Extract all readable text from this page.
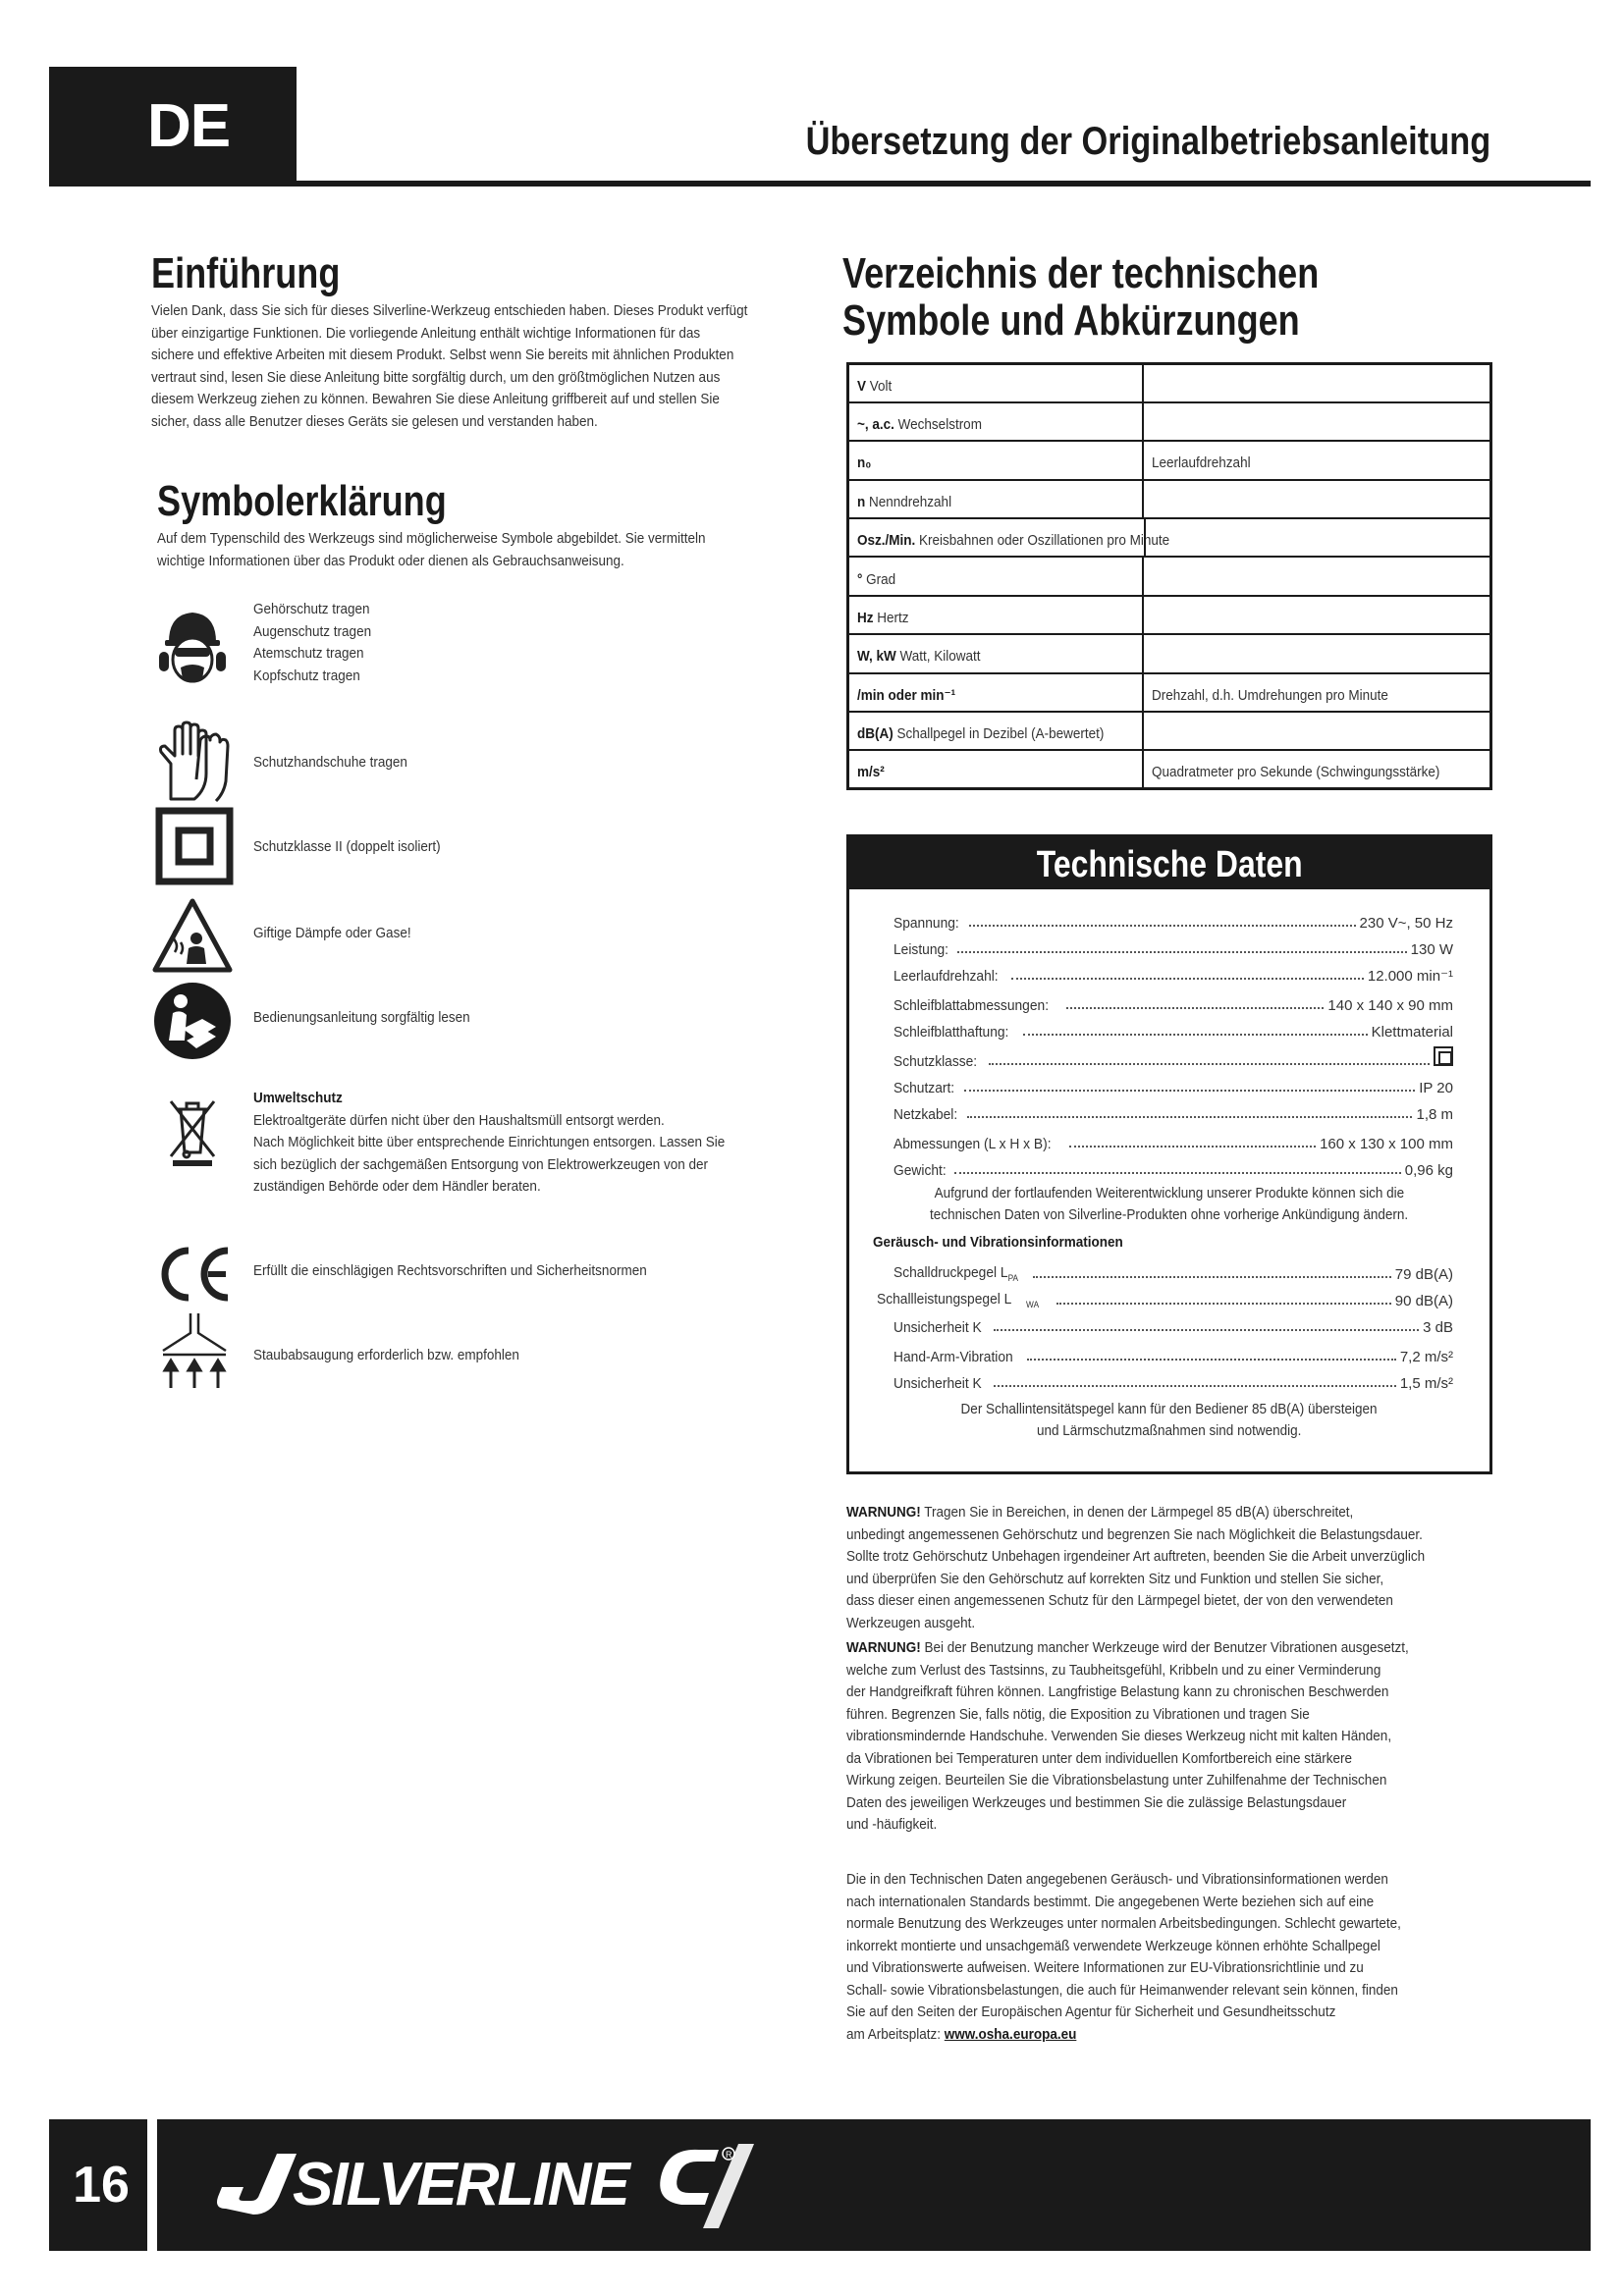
DE	Übersetzung der Originalbetriebsanleitung
Einführung
Vielen Dank, dass Sie sich für dieses Silverline-Werkzeug entschieden haben. Dieses Produkt verfügt
über einzigartige Funktionen. Die vorliegende Anleitung enthält wichtige Informationen für das
sichere und effektive Arbeiten mit diesem Produkt. Selbst wenn Sie bereits mit ähnlichen Produkten
vertraut sind, lesen Sie diese Anleitung bitte sorgfältig durch, um den größtmöglichen Nutzen aus
diesem Werkzeug ziehen zu können. Bewahren Sie diese Anleitung griffbereit auf und stellen Sie
sicher, dass alle Benutzer dieses Geräts sie gelesen und verstanden haben.
Symbolerklärung
Auf dem Typenschild des Werkzeugs sind möglicherweise Symbole abgebildet. Sie vermitteln
wichtige Informationen über das Produkt oder dienen als Gebrauchsanweisung.
Gehörschutz tragen
Augenschutz tragen
Atemschutz tragen
Kopfschutz tragen
Schutzhandschuhe tragen
Schutzklasse II (doppelt isoliert)
Giftige Dämpfe oder Gase!
Bedienungsanleitung sorgfältig lesen
Umweltschutz
Elektroaltgeräte dürfen nicht über den Haushaltsmüll entsorgt werden.
Nach Möglichkeit bitte über entsprechende Einrichtungen entsorgen. Lassen Sie
sich bezüglich der sachgemäßen Entsorgung von Elektrowerkzeugen von der
zuständigen Behörde oder dem Händler beraten.
Erfüllt die einschlägigen Rechtsvorschriften und Sicherheitsnormen
Staubabsaugung erforderlich bzw. empfohlen
Verzeichnis der technischen
Symbole und Abkürzungen
V Volt	
~, a.c. Wechselstrom	
n₀	Leerlaufdrehzahl
n Nenndrehzahl	
Osz./Min. Kreisbahnen oder Oszillationen pro Minute	

° Grad	
Hz Hertz	
W, kW Watt, Kilowatt	
/min oder min⁻¹	Drehzahl, d.h. Umdrehungen pro Minute
dB(A) Schallpegel in Dezibel (A-bewertet)	
m/s²	Quadratmeter pro Sekunde (Schwingungsstärke)
Technische Daten
Spannung:	230 V~, 50 Hz
Leistung:	130 W
Leerlaufdrehzahl:	12.000 min⁻¹
Schleifblattabmessungen:	140 x 140 x 90 mm
Schleifblatthaftung:	Klettmaterial
Schutzklasse:
Schutzart:	IP 20
Netzkabel:	1,8 m
Abmessungen (L x H x B):	160 x 130 x 100 mm
Gewicht:	0,96 kg
Aufgrund der fortlaufenden Weiterentwicklung unserer Produkte können sich die
technischen Daten von Silverline-Produkten ohne vorherige Ankündigung ändern.
Geräusch- und Vibrationsinformationen
Schalldruckpegel $L_{PA}$	79 dB(A)
Schallleistungspegel L $_{WA}$	90 dB(A)
Unsicherheit K	3 dB
Hand-Arm-Vibration	7,2 m/s²
Unsicherheit K	1,5 m/s²
Der Schallintensitätspegel kann für den Bediener 85 dB(A) übersteigen
und Lärmschutzmaßnahmen sind notwendig.
WARNUNG! Tragen Sie in Bereichen, in denen der Lärmpegel 85 dB(A) überschreitet,
unbedingt angemessenen Gehörschutz und begrenzen Sie nach Möglichkeit die Belastungsdauer.
Sollte trotz Gehörschutz Unbehagen irgendeiner Art auftreten, beenden Sie die Arbeit unverzüglich
und überprüfen Sie den Gehörschutz auf korrekten Sitz und Funktion und stellen Sie sicher,
dass dieser einen angemessenen Schutz für den Lärmpegel bietet, der von den verwendeten
Werkzeugen ausgeht.
WARNUNG! Bei der Benutzung mancher Werkzeuge wird der Benutzer Vibrationen ausgesetzt,
welche zum Verlust des Tastsinns, zu Taubheitsgefühl, Kribbeln und zu einer Verminderung
der Handgreifkraft führen können. Langfristige Belastung kann zu chronischen Beschwerden
führen. Begrenzen Sie, falls nötig, die Exposition zu Vibrationen und tragen Sie
vibrationsmindernde Handschuhe. Verwenden Sie dieses Werkzeug nicht mit kalten Händen,
da Vibrationen bei Temperaturen unter dem individuellen Komfortbereich eine stärkere
Wirkung zeigen. Beurteilen Sie die Vibrationsbelastung unter Zuhilfenahme der Technischen
Daten des jeweiligen Werkzeuges und bestimmen Sie die zulässige Belastungsdauer
und -häufigkeit.
Die in den Technischen Daten angegebenen Geräusch- und Vibrationsinformationen werden
nach internationalen Standards bestimmt. Die angegebenen Werte beziehen sich auf eine
normale Benutzung des Werkzeuges unter normalen Arbeitsbedingungen. Schlecht gewartete,
inkorrekt montierte und unsachgemäß verwendete Werkzeuge können erhöhte Schallpegel
und Vibrationswerte aufweisen. Weitere Informationen zur EU-Vibrationsrichtlinie und zu
Schall- sowie Vibrationsbelastungen, die auch für Heimanwender relevant sein können, finden
Sie auf den Seiten der Europäischen Agentur für Sicherheit und Gesundheitsschutz
am Arbeitsplatz: www.osha.europa.eu
16	SILVERLINE	R
